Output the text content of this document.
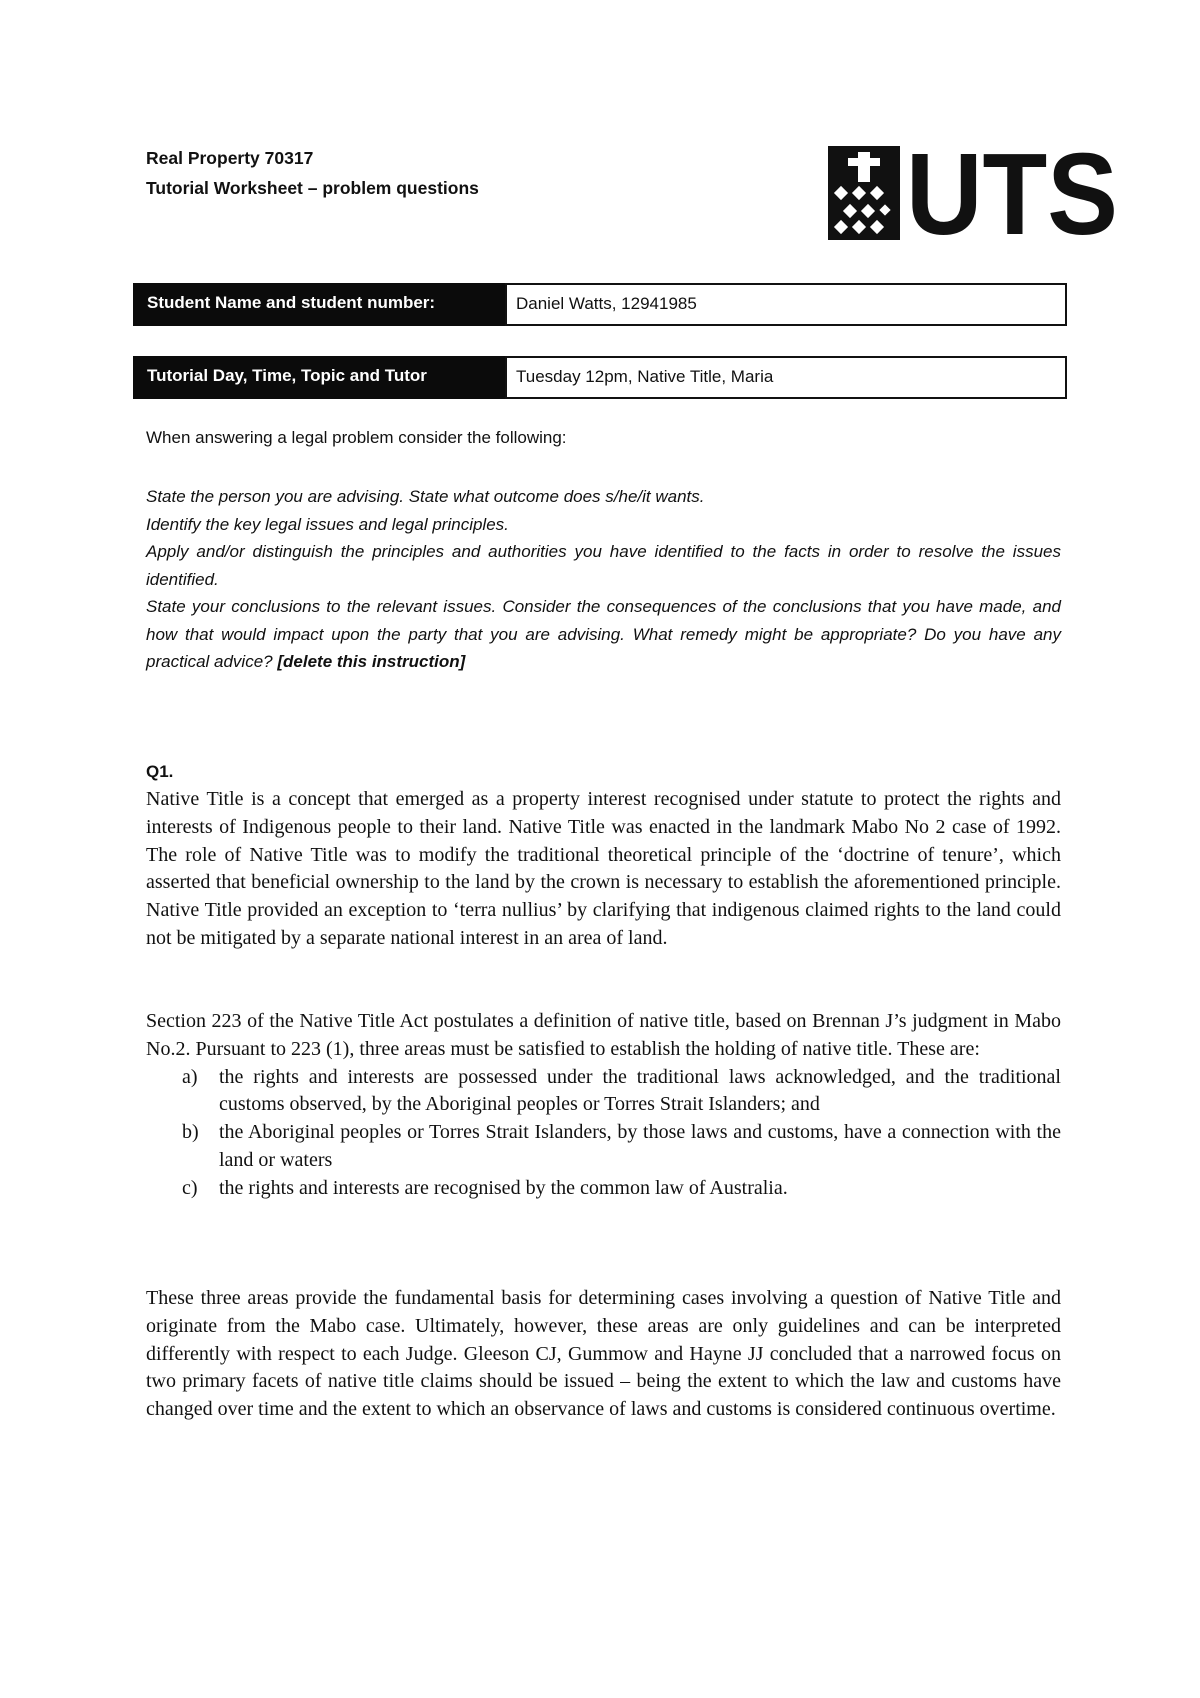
Real Property 70317
Tutorial Worksheet – problem questions	UTS
Student Name and student number:	Daniel Watts, 12941985
Tutorial Day, Time, Topic and Tutor	Tuesday 12pm, Native Title, Maria
When answering a legal problem consider the following:

State the person you are advising. State what outcome does s/he/it wants.

Identify the key legal issues and legal principles.

Apply and/or distinguish the principles and authorities you have identified to the facts in order to resolve the issues identified.

State your conclusions to the relevant issues. Consider the consequences of the conclusions that you have made, and how that would impact upon the party that you are advising. What remedy might be appropriate? Do you have any practical advice? [delete this instruction]

Q1.

Native Title is a concept that emerged as a property interest recognised under statute to protect the rights and interests of Indigenous people to their land. Native Title was enacted in the landmark Mabo No 2 case of 1992. The role of Native Title was to modify the traditional theoretical principle of the ‘doctrine of tenure’, which asserted that beneficial ownership to the land by the crown is necessary to establish the aforementioned principle. Native Title provided an exception to ‘terra nullius’ by clarifying that indigenous claimed rights to the land could not be mitigated by a separate national interest in an area of land.

Section 223 of the Native Title Act postulates a definition of native title, based on Brennan J’s judgment in Mabo No.2. Pursuant to 223 (1), three areas must be satisfied to establish the holding of native title. These are:

a)	the rights and interests are possessed under the traditional laws acknowledged, and the traditional customs observed, by the Aboriginal peoples or Torres Strait Islanders; and
b)	the Aboriginal peoples or Torres Strait Islanders, by those laws and customs, have a connection with the land or waters
c)	the rights and interests are recognised by the common law of Australia.

These three areas provide the fundamental basis for determining cases involving a question of Native Title and originate from the Mabo case. Ultimately, however, these areas are only guidelines and can be interpreted differently with respect to each Judge. Gleeson CJ, Gummow and Hayne JJ concluded that a narrowed focus on two primary facets of native title claims should be issued – being the extent to which the law and customs have changed over time and the extent to which an observance of laws and customs is considered continuous overtime.
